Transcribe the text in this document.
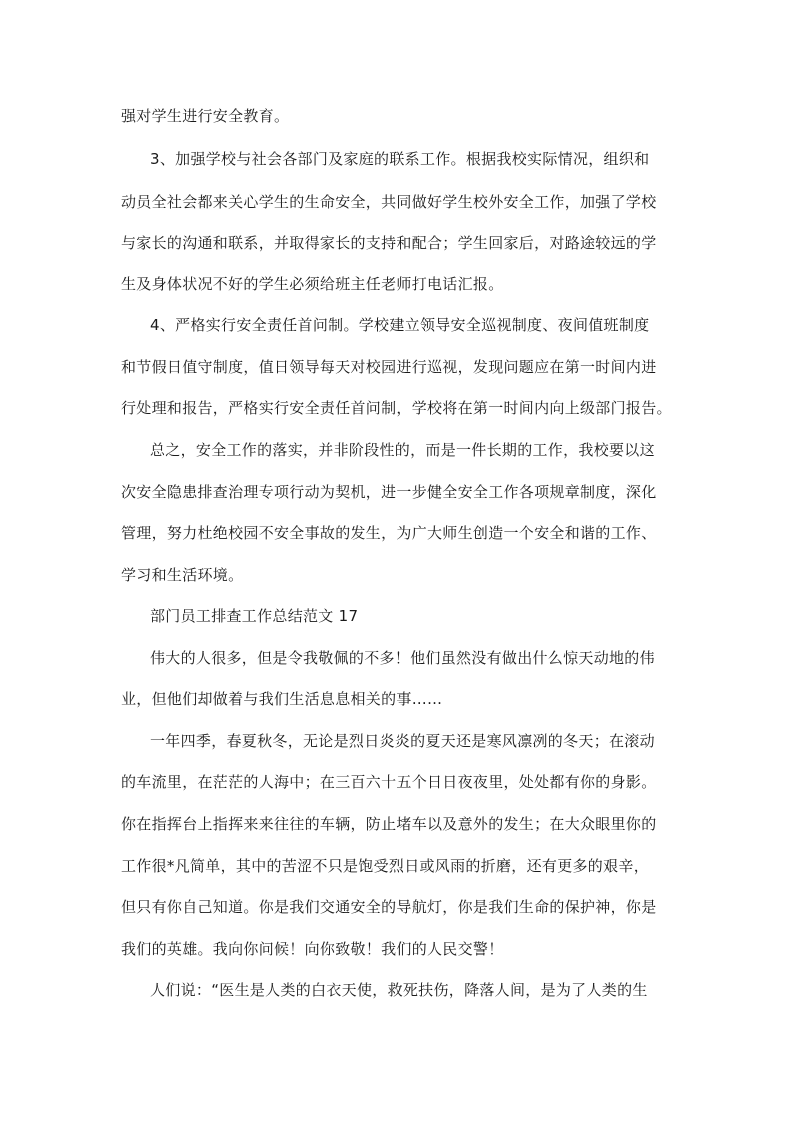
强对学生进行安全教育。
3、加强学校与社会各部门及家庭的联系工作。根据我校实际情况，组织和
动员全社会都来关心学生的生命安全，共同做好学生校外安全工作，加强了学校
与家长的沟通和联系，并取得家长的支持和配合；学生回家后，对路途较远的学
生及身体状况不好的学生必须给班主任老师打电话汇报。
4、严格实行安全责任首问制。学校建立领导安全巡视制度、夜间值班制度
和节假日值守制度，值日领导每天对校园进行巡视，发现问题应在第一时间内进
行处理和报告，严格实行安全责任首问制，学校将在第一时间内向上级部门报告。
总之，安全工作的落实，并非阶段性的，而是一件长期的工作，我校要以这
次安全隐患排查治理专项行动为契机，进一步健全安全工作各项规章制度，深化
管理，努力杜绝校园不安全事故的发生，为广大师生创造一个安全和谐的工作、
学习和生活环境。
部门员工排查工作总结范文 17
伟大的人很多，但是令我敬佩的不多！他们虽然没有做出什么惊天动地的伟
业，但他们却做着与我们生活息息相关的事……
一年四季，春夏秋冬，无论是烈日炎炎的夏天还是寒风凛冽的冬天；在滚动
的车流里，在茫茫的人海中；在三百六十五个日日夜夜里，处处都有你的身影。
你在指挥台上指挥来来往往的车辆，防止堵车以及意外的发生；在大众眼里你的
工作很*凡简单，其中的苦涩不只是饱受烈日或风雨的折磨，还有更多的艰辛，
但只有你自己知道。你是我们交通安全的导航灯，你是我们生命的保护神，你是
我们的英雄。我向你问候！向你致敬！我们的人民交警！
人们说：“医生是人类的白衣天使，救死扶伤，降落人间，是为了人类的生
